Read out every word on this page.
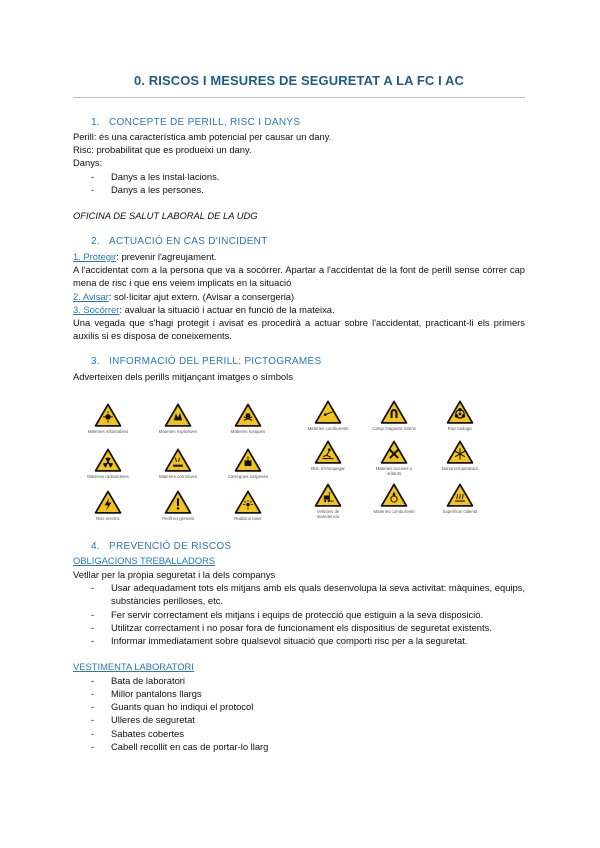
0. RISCOS I MESURES DE SEGURETAT A LA FC I AC
1. CONCEPTE DE PERILL, RISC I DANYS
Perill: és una característica amb potencial per causar un dany.
Risc: probabilitat que es produeixi un dany.
Danys:
- Danys a les instal·lacions.
- Danys a les persones.
OFICINA DE SALUT LABORAL DE LA UDG
2. ACTUACIÓ EN CAS D'INCIDENT
1. Protegir: prevenir l'agreujament.
A l'accidentat com a la persona que va a socórrer. Apartar a l'accidentat de la font de perill sense córrer cap mena de risc i que ens veiem implicats en la situació
2. Avisar: sol·licitar ajut extern. (Avisar a consergeria)
3. Socórrer: avaluar la situació i actuar en funció de la mateixa.
Una vegada que s'hagi protegit i avisat es procedirà a actuar sobre l'accidentat, practicant-li els primers auxilis si es disposa de coneixements.
3. INFORMACIÓ DEL PERILL: PICTOGRAMES
Adverteixen dels perills mitjançant imatges o símbols
4. PREVENCIÓ DE RISCOS
OBLIGACIONS TREBALLADORS
Vetllar per la pròpia seguretat i la dels companys
- Usar adequadament tots els mitjans amb els quals desenvolupa la seva activitat: màquines, equips, substàncies perilloses, etc.
- Fer servir correctament els mitjans i equips de protecció que estiguin a la seva disposició.
- Utilitzar correctament i no posar fora de funcionament els dispositius de seguretat existents.
- Informar immediatament sobre qualsevol situació que comporti risc per a la seguretat.
VESTIMENTA LABORATORI
- Bata de laboratori
- Millor pantalons llargs
- Guants quan ho indiqui el protocol
- Ulleres de seguretat
- Sabates cobertes
- Cabell recollit en cas de portar-lo llarg
Materies inflamables	Materies explosives	Materies toxiques
Materies radioactives	Materies corrosives	Carregues suspeses
Risc electric	Perill en general	Radiacio laser
Materies comburents	Camp magnetic intens	Risc biologic
Risc d'ensopegar	Materies nocives o irritants
Baixa temperatura
Vehicles de manutencio
Materies comburents	Superficie calenta
